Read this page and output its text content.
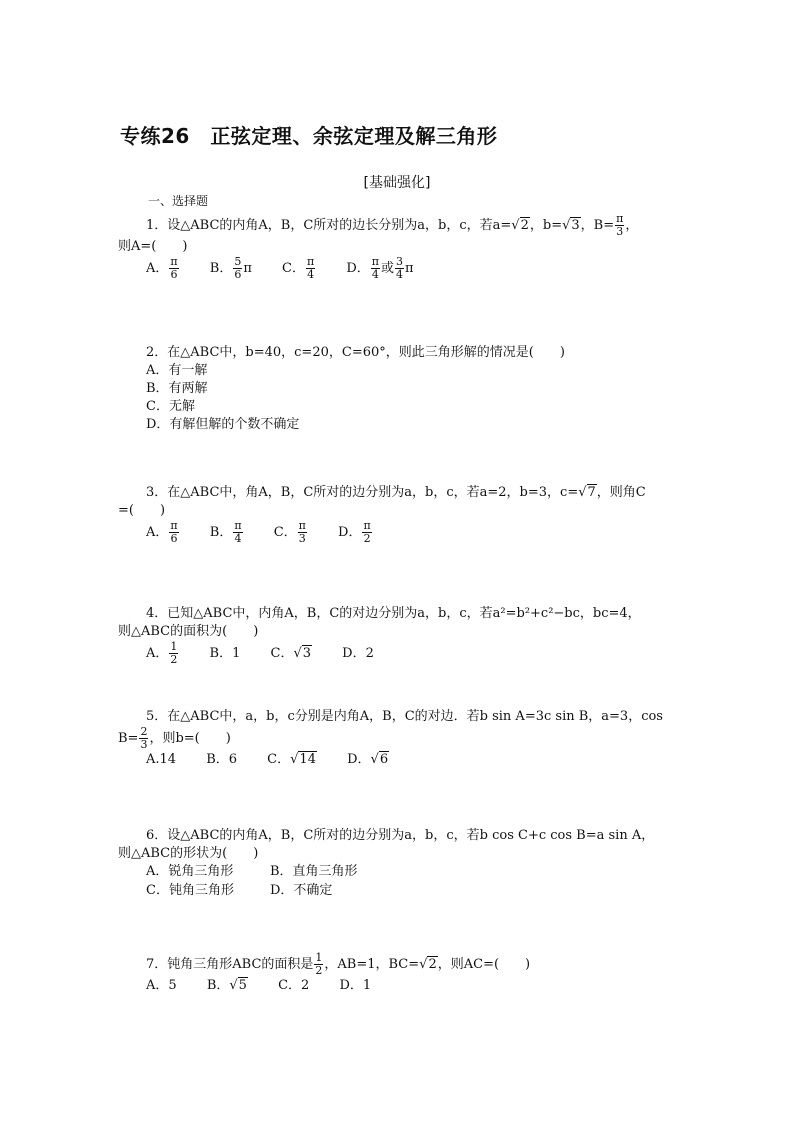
专练26　正弦定理、余弦定理及解三角形
[基础强化]
一、选择题
1．设△ABC的内角A，B，C所对的边长分别为a，b，c，若a=√2，b=√3，$B= \frac{\pi}{3}$ ，
则A=(　　)
A． $\frac{\pi}{6}$ B． $\frac{5}{6}$ π C． $\frac{\pi}{4}$ D． $\frac{\pi}{4}$ 或 $\frac{3}{4}$ π
2．在△ABC中，b=40，c=20，C=60°，则此三角形解的情况是(　　)
A．有一解
B．有两解
C．无解
D．有解但解的个数不确定
3．在△ABC中，角A，B，C所对的边分别为a，b，c，若a=2，b=3，c=√7，则角C
=(　　)
A． $\frac{\pi}{6}$ B． $\frac{\pi}{4}$ C． $\frac{\pi}{3}$ D． $\frac{\pi}{2}$
4．已知△ABC中，内角A，B，C的对边分别为a，b，c，若a²=b²+c²−bc，bc=4，
则△ABC的面积为(　　)
A． $\frac{1}{2}$ B．1 C．√3 D．2
5．在△ABC中，a，b，c分别是内角A，B，C的对边．若b sin A=3c sin B，a=3，cos
$B= \frac{2}{3}$ ，则b=(　　)
A.14 B．6 C．√14 D．√6
6．设△ABC的内角A，B，C所对的边分别为a，b，c，若b cos C+c cos B=a sin A，
则△ABC的形状为(　　)
A．锐角三角形	B．直角三角形
C．钝角三角形	D．不确定
7．钝角三角形ABC的面积是 $\frac{1}{2}$ ，AB=1，BC=√2，则AC=(　　)
A．5 B．√5 C．2 D．1
